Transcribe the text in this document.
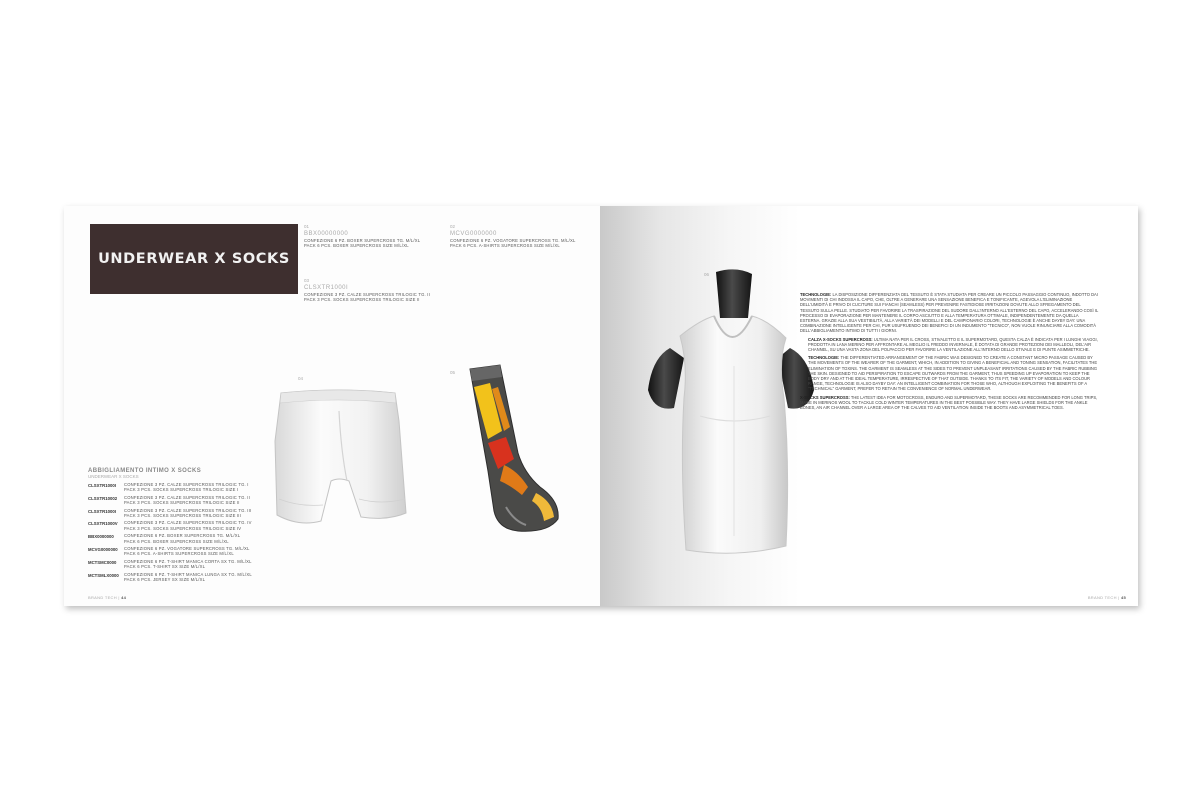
UNDERWEAR X SOCKS
01
BBX00000000
CONFEZIONE 6 PZ. BOXER SUPERCROSS TG. M/L/XL
PACK 6 PCS. BOXER SUPERCROSS SIZE M/L/XL
02
MCVG0000000
CONFEZIONE 6 PZ. VOGATORE SUPERCROSS TG. M/L/XL
PACK 6 PCS. A-SHIRTS SUPERCROSS SIZE M/L/XL
03
CLSXTR1000I
CONFEZIONE 3 PZ. CALZE SUPERCROSS TRILOGIC TG. II
PACK 3 PCS. SOCKS SUPERCROSS TRILOGIC SIZE II
04
05
ABBIGLIAMENTO INTIMO X SOCKS
UNDERWEAR X SOCKS
CLSXTR1000I	CONFEZIONE 3 PZ. CALZE SUPERCROSS TRILOGIC TG. I
PACK 3 PCS. SOCKS SUPERCROSS TRILOGIC SIZE I
CLSXTR10002	CONFEZIONE 3 PZ. CALZE SUPERCROSS TRILOGIC TG. II
PACK 3 PCS. SOCKS SUPERCROSS TRILOGIC SIZE II
CLSXTR1000I	CONFEZIONE 3 PZ. CALZE SUPERCROSS TRILOGIC TG. III
PACK 3 PCS. SOCKS SUPERCROSS TRILOGIC SIZE III
CLSXTR1000V	CONFEZIONE 3 PZ. CALZE SUPERCROSS TRILOGIC TG. IV
PACK 3 PCS. SOCKS SUPERCROSS TRILOGIC SIZE IV
BBX0000000	CONFEZIONE 6 PZ. BOXER SUPERCROSS TG. M/L/XL
PACK 6 PCS. BOXER SUPERCROSS SIZE M/L/XL
MCVG0000000	CONFEZIONE 6 PZ. VOGATORE SUPERCROSS TG. M/L/XL
PACK 6 PCS. A-SHIRTS SUPERCROSS SIZE M/L/XL
MCTSMC0000	CONFEZIONE 6 PZ. T-SHIRT MANICA CORTA SX TG. M/L/XL
PACK 6 PCS. T-SHIRT SX SIZE M/L/XL
MCTSMLX0000	CONFEZIONE 6 PZ. T-SHIRT MANICA LUNGA SX TG. M/L/XL
PACK 6 PCS. JERSEY SX SIZE M/L/XL
BRAND TECH | 44
06

TECHNOLOGIE: LA DISPOSIZIONE DIFFERENZIATA DEL TESSUTO È STATA STUDIATA PER CREARE UN PICCOLO PASSAGGIO CONTINUO, INDOTTO DAI MOVIMENTI DI CHI INDOSSA IL CAPO, CHE, OLTRE A GENERARE UNA SENSAZIONE BENEFICA E TONIFICANTE, AGEVOLA L'ELIMINAZIONE DELL'UMIDITÀ E PRIVO DI CUCITURE SUI FIANCHI (SEAMLESS) PER PREVENIRE FASTIDIOSE IRRITAZIONI DOVUTE ALLO SFREGAMENTO DEL TESSUTO SULLA PELLE. STUDIATO PER FAVORIRE LA TRASPIRAZIONE DEL SUDORE DALL'INTERNO ALL'ESTERNO DEL CAPO, ACCELERANDO COSÌ IL PROCESSO DI EVAPORAZIONE PER MANTENERE IL CORPO ASCIUTTO E ALLA TEMPERATURA OTTIMALE, INDIPENDENTEMENTE DA QUELLA ESTERNA. GRAZIE ALLA SUA VESTIBILITÀ, ALLA VARIETÀ DEI MODELLI E DEL CAMPIONARIO COLORI, TECHNOLOGIE È ANCHE DAYBY DAY: UNA COMBINAZIONE INTELLIGENTE PER CHI, PUR USUFRUENDO DEI BENEFICI DI UN INDUMENTO "TECNICO", NON VUOLE RINUNCIARE ALLA COMODITÀ DELL'ABBIGLIAMENTO INTIMO DI TUTTI I GIORNI.

CALZA X-SOCKS SUPERCROSS: ULTIMA NATA PER IL CROSS, STIVALETTO E IL SUPERMOTARD, QUESTA CALZA È INDICATA PER I LUNGHI VIAGGI, PRODOTTA IN LANA MERINO PER AFFRONTARE AL MEGLIO IL FREDDO INVERNALE, È DOTATA DI GRANDE PROTEZIONI DEI MALLEOLI, DEL'AIR CHANNEL, SU UNA VASTA ZONA DEL POLPACCIO PER FAVORIRE LA VENTILAZIONE ALL'INTERNO DELLO STIVALE E DI PUNTE ASIMMETRICHE.

TECHNOLOGIE: THE DIFFERENTIATED ARRANGEMENT OF THE FABRIC WAS DESIGNED TO CREATE A CONSTANT MICRO PASSAGE CAUSED BY THE MOVEMENTS OF THE WEARER OF THE GARMENT, WHICH, IN ADDITION TO GIVING A BENEFICIAL AND TONING SENSATION, FACILITATES THE ELIMINATION OF TOXINS. THE GARMENT IS SEAMLESS AT THE SIDES TO PREVENT UNPLEASANT IRRITATIONS CAUSED BY THE FABRIC RUBBING THE SKIN. DESIGNED TO AID PERSPIRATION TO ESCAPE OUTWARDS FROM THE GARMENT, THUS SPEEDING UP EVAPORATION TO KEEP THE BODY DRY AND AT THE IDEAL TEMPERATURE, IRRESPECTIVE OF THAT OUTSIDE. THANKS TO ITS FIT, THE VARIETY OF MODELS AND COLOUR RANGE, TECHNOLOGIE IS ALSO DAYBY DAY: AN INTELLIGENT COMBINATION FOR THOSE WHO, ALTHOUGH EXPLOITING THE BENEFITS OF A "TECHNICAL" GARMENT, PREFER TO RETAIN THE CONVENIENCE OF NORMAL UNDERWEAR.

X-SOCKS SUPERCROSS: THE LATEST IDEA FOR MOTOCROSS, ENDURO AND SUPERMOTARD, THESE SOCKS ARE RECOMMENDED FOR LONG TRIPS, MADE IN MERINOS WOOL TO TACKLE COLD WINTER TEMPERATURES IN THE BEST POSSIBLE WAY. THEY HAVE LARGE SHIELDS FOR THE ANKLE BONES, AN AIR CHANNEL OVER A LARGE AREA OF THE CALVES TO AID VENTILATION INSIDE THE BOOTS AND ASYMMETRICAL TOES.

BRAND TECH | 45
